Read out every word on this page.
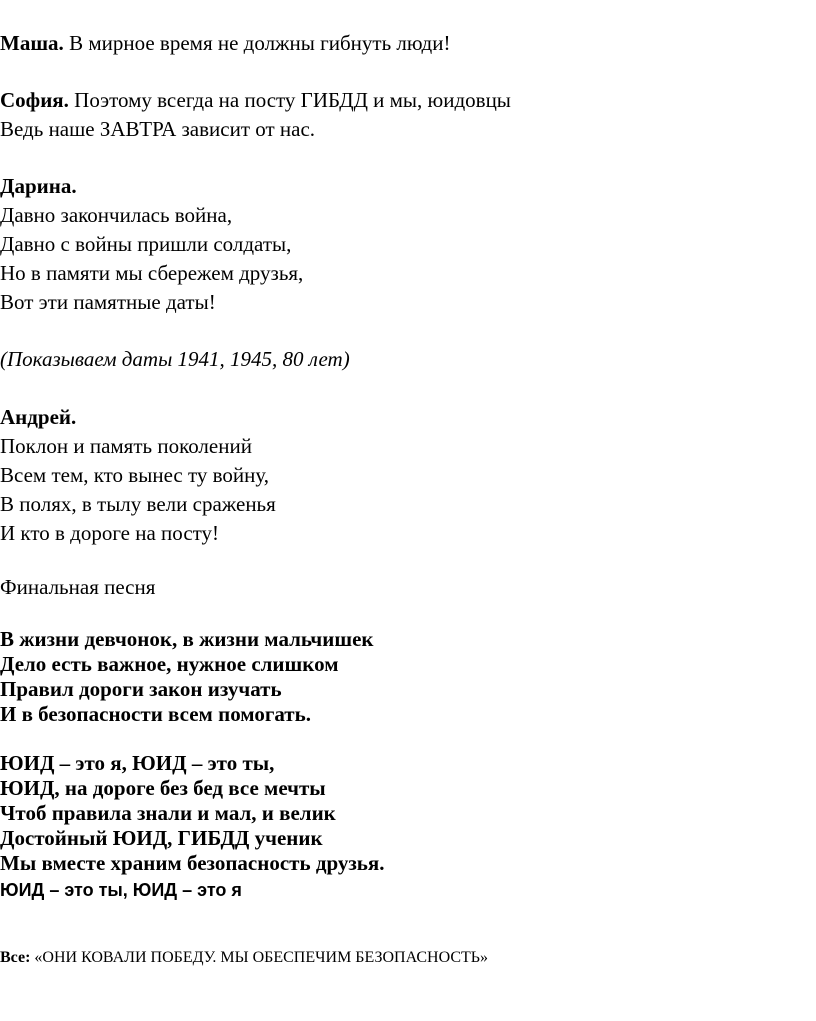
Маша. В мирное время не должны гибнуть люди!
София. Поэтому всегда на посту ГИБДД и мы, юидовцы
Ведь наше ЗАВТРА зависит от нас.
Дарина.
Давно закончилась война,
Давно с войны пришли солдаты,
Но в памяти мы сбережем друзья,
Вот эти памятные даты!
(Показываем даты 1941, 1945, 80 лет)
Андрей.
Поклон и память поколений
Всем тем, кто вынес ту войну,
В полях, в тылу вели сраженья
И кто в дороге на посту!
Финальная песня
В жизни девчонок, в жизни мальчишек
Дело есть важное, нужное слишком
Правил дороги закон изучать
И в безопасности всем помогать.
ЮИД – это я, ЮИД – это ты,
ЮИД, на дороге без бед все мечты
Чтоб правила знали и мал, и велик
Достойный ЮИД, ГИБДД ученик
Мы вместе храним безопасность друзья.
ЮИД – это ты, ЮИД – это я
Все: «ОНИ КОВАЛИ ПОБЕДУ. МЫ ОБЕСПЕЧИМ БЕЗОПАСНОСТЬ»
